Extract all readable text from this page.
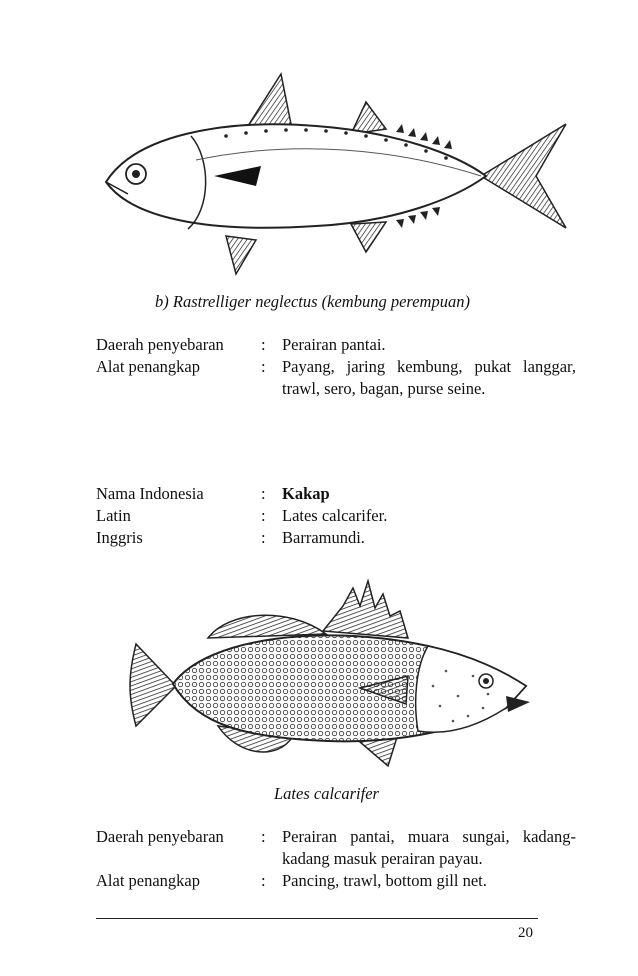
b) Rastrelliger neglectus (kembung perempuan)
Daerah penyebaran	: Perairan pantai.
Alat penangkap	: Payang, jaring kembung, pukat langgar, trawl, sero, bagan, purse seine.
Nama Indonesia	: Kakap
Latin	: Lates calcarifer.
Inggris	: Barramundi.
Lates calcarifer
Daerah penyebaran	: Perairan pantai, muara sungai, kadang-kadang masuk perairan payau.
Alat penangkap	: Pancing, trawl, bottom gill net.
20
